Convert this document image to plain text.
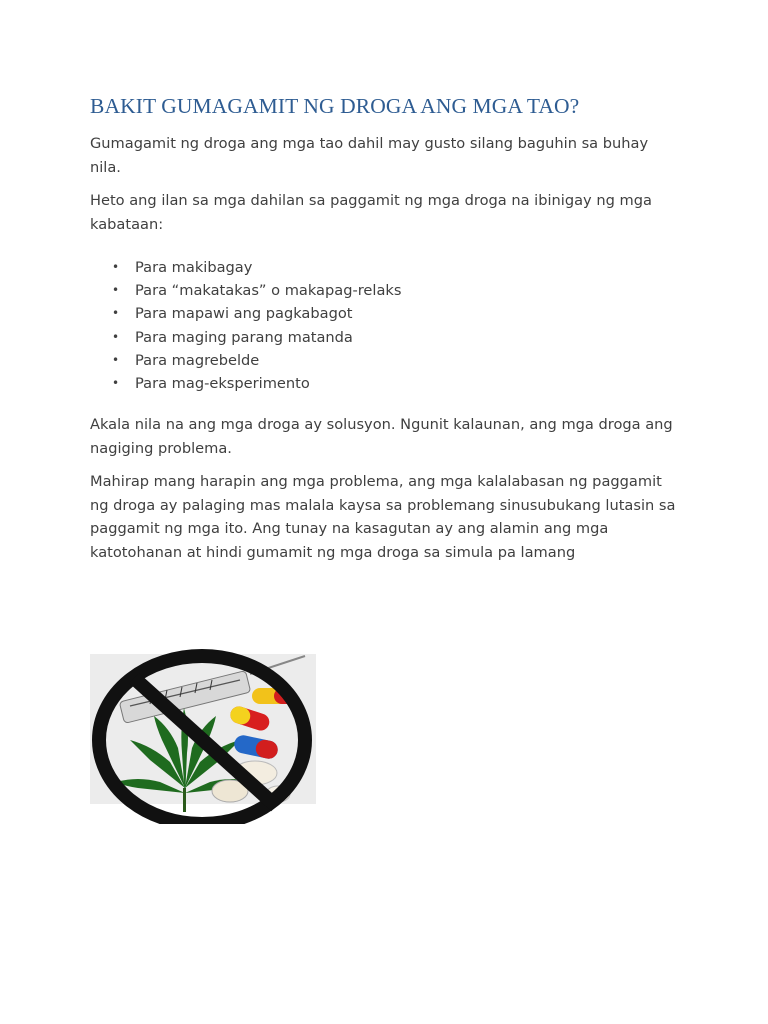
BAKIT GUMAGAMIT NG DROGA ANG MGA TAO?

Gumagamit ng droga ang mga tao dahil may gusto silang baguhin sa buhay nila.

Heto ang ilan sa mga dahilan sa paggamit ng mga droga na ibinigay ng mga kabataan:

• Para makibagay
• Para “makatakas” o makapag-relaks
• Para mapawi ang pagkabagot
• Para maging parang matanda
• Para magrebelde
• Para mag-eksperimento

Akala nila na ang mga droga ay solusyon. Ngunit kalaunan, ang mga droga ang nagiging problema.

Mahirap mang harapin ang mga problema, ang mga kalalabasan ng paggamit ng droga ay palaging mas malala kaysa sa problemang sinusubukang lutasin sa paggamit ng mga ito. Ang tunay na kasagutan ay ang alamin ang mga katotohanan at hindi gumamit ng mga droga sa simula pa lamang
